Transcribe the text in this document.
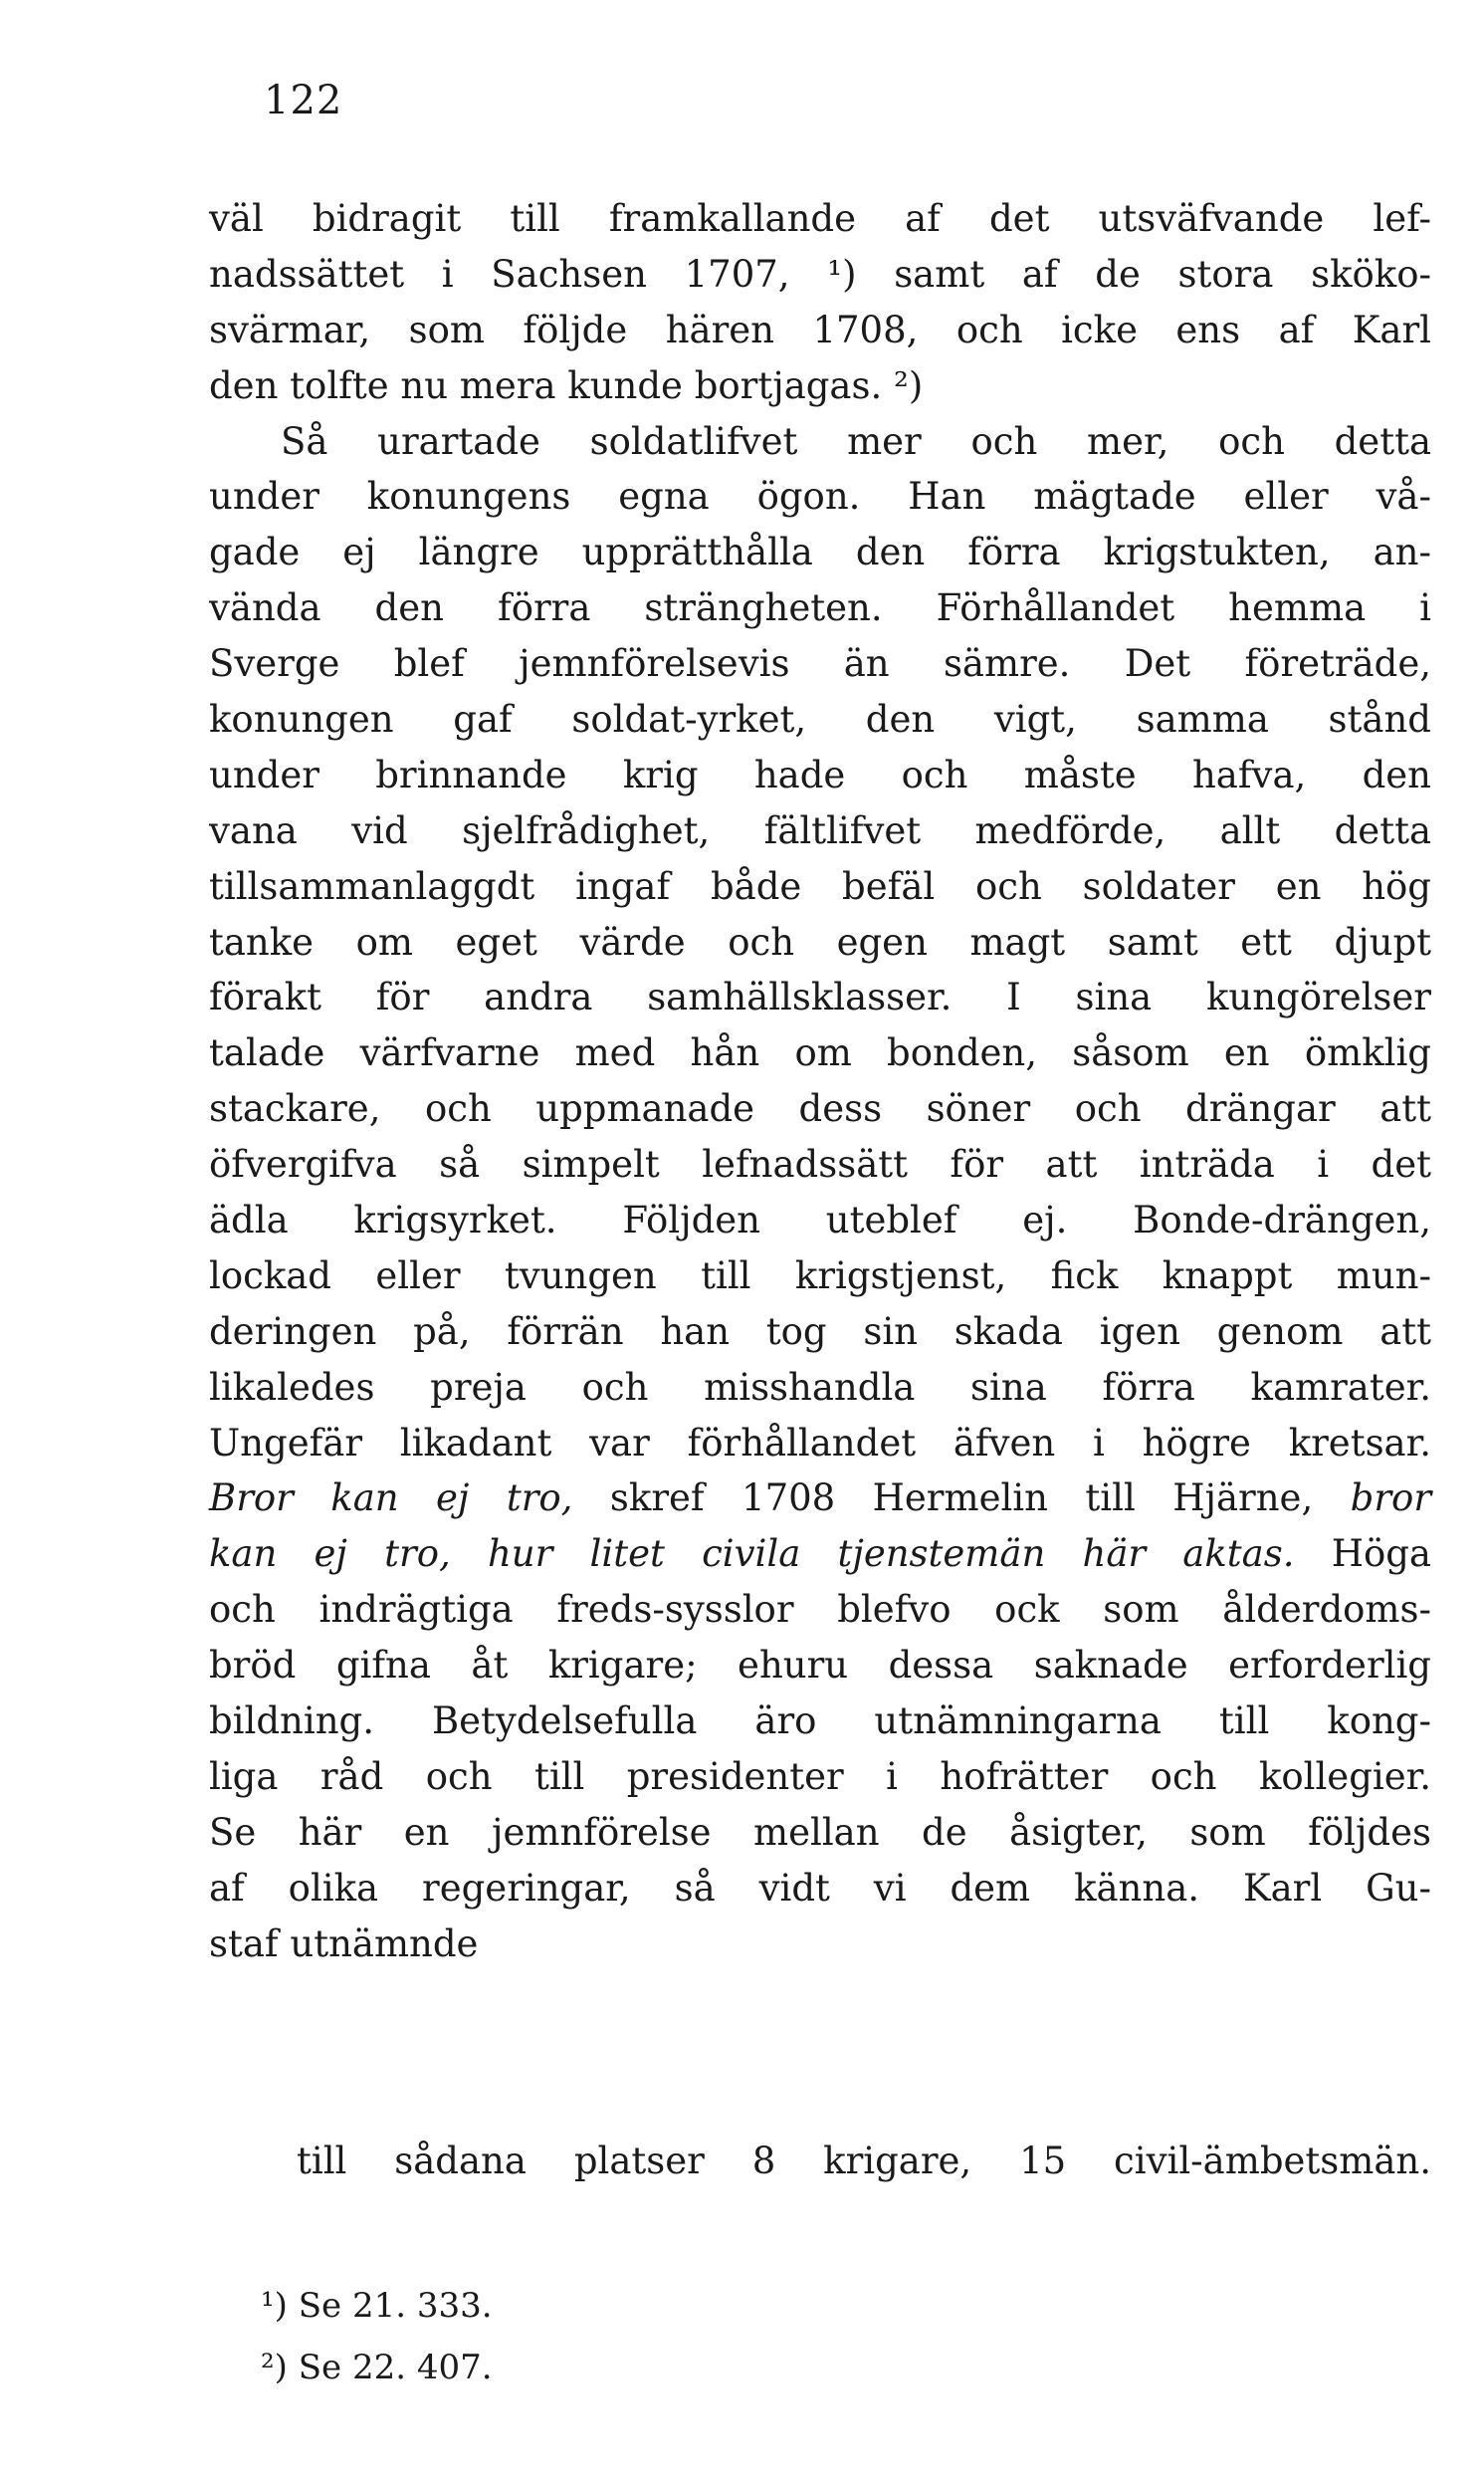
122
väl bidragit till framkallande af det utsväfvande lef-
nadssättet i Sachsen 1707, ¹) samt af de stora sköko-
svärmar, som följde hären 1708, och icke ens af Karl
den tolfte nu mera kunde bortjagas. ²)
Så urartade soldatlifvet mer och mer, och detta
under konungens egna ögon. Han mägtade eller vå-
gade ej längre upprätthålla den förra krigstukten, an-
vända den förra strängheten. Förhållandet hemma i
Sverge blef jemnförelsevis än sämre. Det företräde,
konungen gaf soldat-yrket, den vigt, samma stånd
under brinnande krig hade och måste hafva, den
vana vid sjelfrådighet, fältlifvet medförde, allt detta
tillsammanlaggdt ingaf både befäl och soldater en hög
tanke om eget värde och egen magt samt ett djupt
förakt för andra samhällsklasser. I sina kungörelser
talade värfvarne med hån om bonden, såsom en ömklig
stackare, och uppmanade dess söner och drängar att
öfvergifva så simpelt lefnadssätt för att inträda i det
ädla krigsyrket. Följden uteblef ej. Bonde-drängen,
lockad eller tvungen till krigstjenst, fick knappt mun-
deringen på, förrän han tog sin skada igen genom att
likaledes preja och misshandla sina förra kamrater.
Ungefär likadant var förhållandet äfven i högre kretsar.
Bror kan ej tro, skref 1708 Hermelin till Hjärne, bror
kan ej tro, hur litet civila tjenstemän här aktas. Höga
och indrägtiga freds-sysslor blefvo ock som ålderdoms-
bröd gifna åt krigare; ehuru dessa saknade erforderlig
bildning. Betydelsefulla äro utnämningarna till kong-
liga råd och till presidenter i hofrätter och kollegier.
Se här en jemnförelse mellan de åsigter, som följdes
af olika regeringar, så vidt vi dem känna. Karl Gu-
staf utnämnde
till sådana platser 8 krigare, 15 civil-ämbetsmän.
¹) Se 21. 333.
²) Se 22. 407.
